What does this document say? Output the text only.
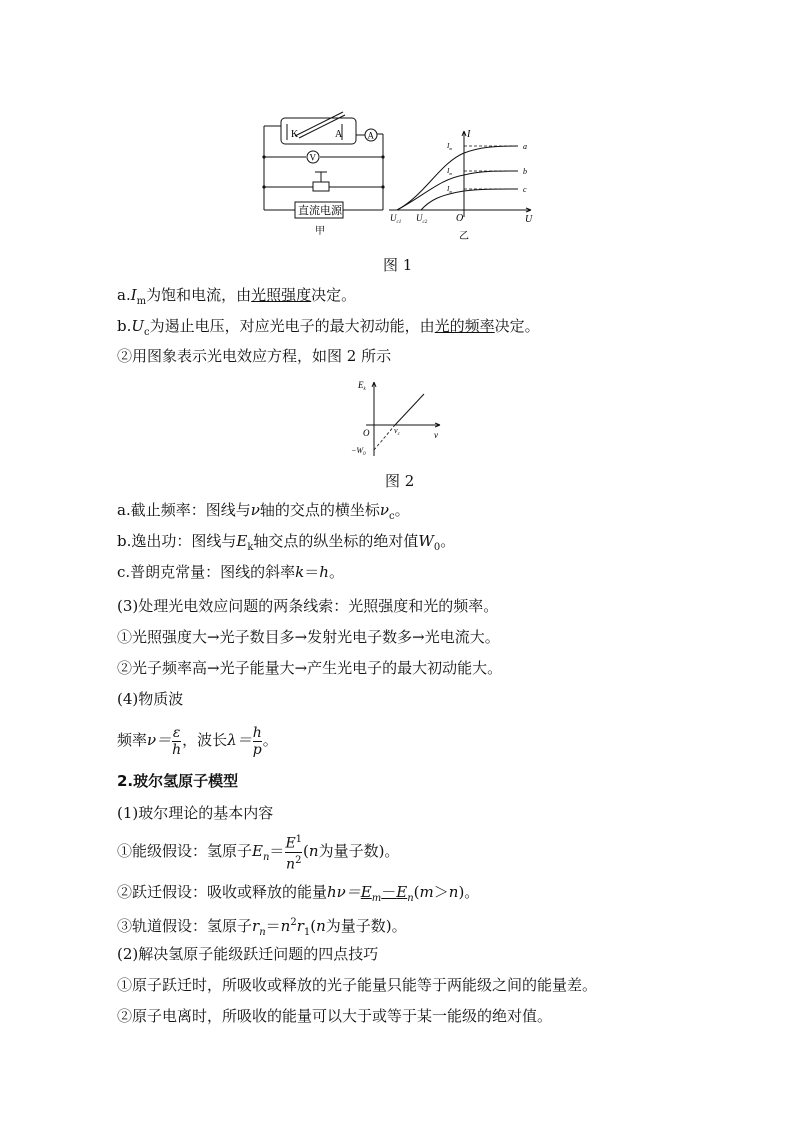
K	A	A
V
直流电源
甲
I
U
O
a
b
c
$I_m$
$I_m$
$I_m$
$U_{c1}$ $U_{c2}$
乙
图 1
$a.I_m$为饱和电流，由光照强度决定。
$b.U_c$为遏止电压，对应光电子的最大初动能，由光的频率决定。
②用图象表示光电效应方程，如图 2 所示
$E_k$
ν
O	$\nu_c$
$-W_0$
图 2
a.截止频率：图线与ν轴的交点的横坐标$\nu_c$。
b.逸出功：图线与$E_k$轴交点的纵坐标的绝对值$W_0$。
c.普朗克常量：图线的斜率k＝h。
(3)处理光电效应问题的两条线索：光照强度和光的频率。
①光照强度大→光子数目多→发射光电子数多→光电流大。
②光子频率高→光子能量大→产生光电子的最大初动能大。
(4)物质波
频率$\nu= \frac{\varepsilon}{h}$ ，波长$\lambda= \frac{h}{p}$ 。
2.玻尔氢原子模型
(1)玻尔理论的基本内容
①能级假设：氢原子$E_n= \frac{E^1}{n^2} (n$为量子数)。
②跃迁假设：吸收或释放的能量$h\nu=E_m-E_n(m>n)$。
③轨道假设：氢原子$r_n=n^2r_1(n$为量子数)。
(2)解决氢原子能级跃迁问题的四点技巧
①原子跃迁时，所吸收或释放的光子能量只能等于两能级之间的能量差。
②原子电离时，所吸收的能量可以大于或等于某一能级的绝对值。
